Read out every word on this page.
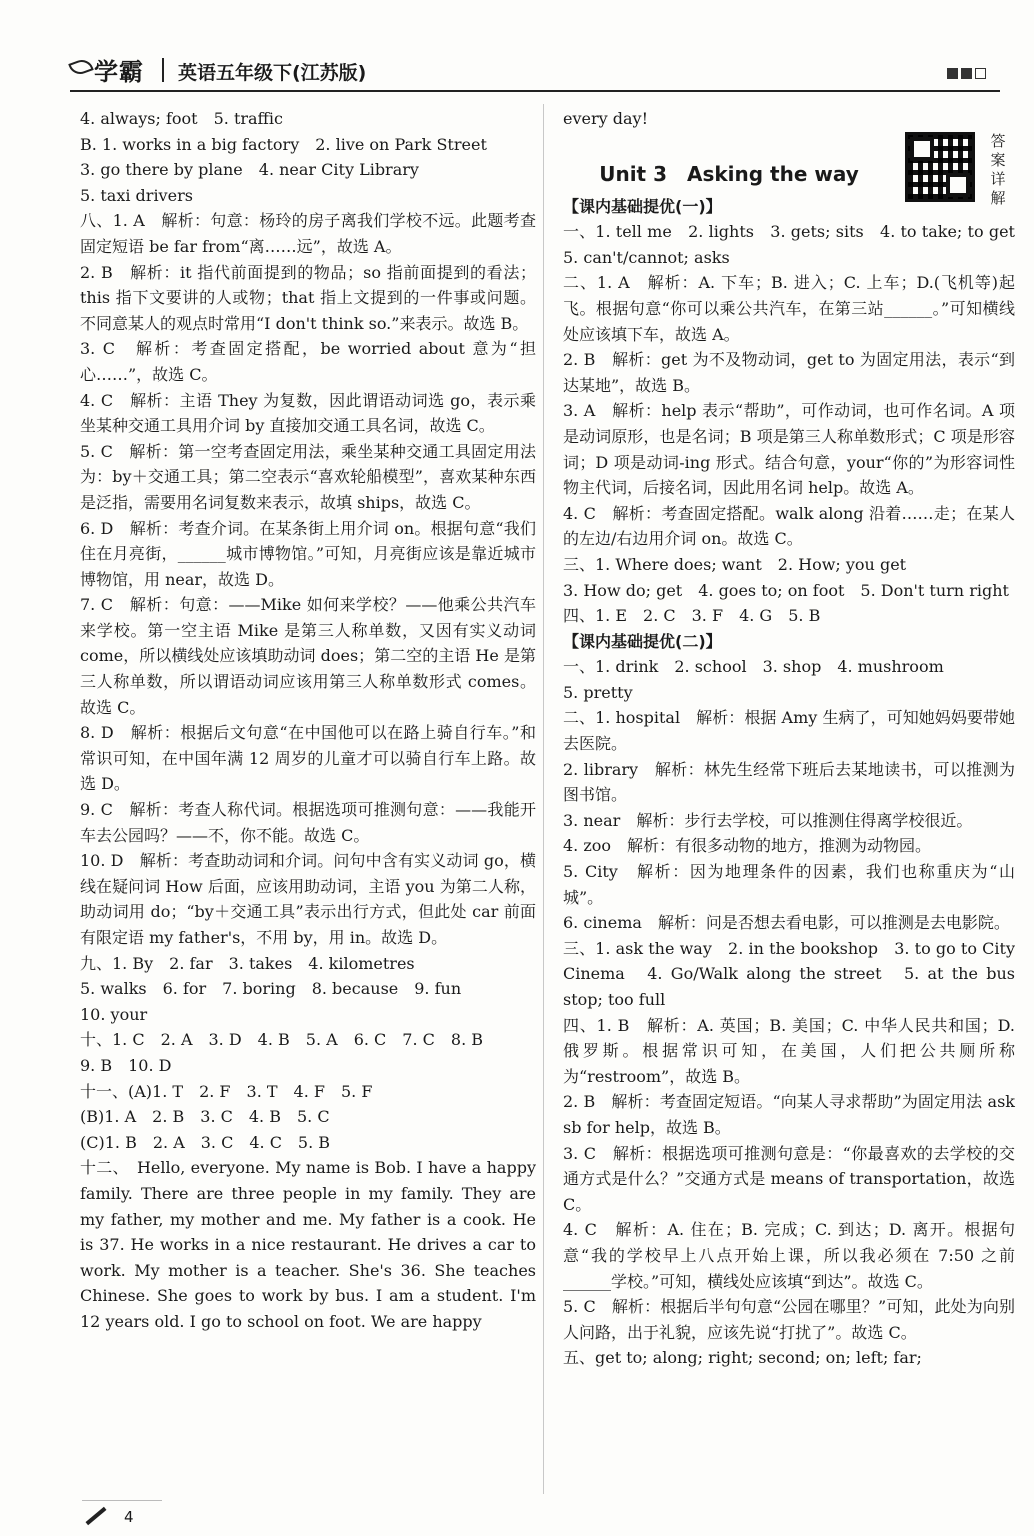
学霸 英语五年级下(江苏版)

4. always; foot　5. traffic

B. 1. works in a big factory　2. live on Park Street

3. go there by plane　4. near City Library

5. taxi drivers

八、1. A　解析：句意：杨玲的房子离我们学校不远。此题考查固定短语 be far from“离……远”，故选 A。

2. B　解析：it 指代前面提到的物品；so 指前面提到的看法；this 指下文要讲的人或物；that 指上文提到的一件事或问题。不同意某人的观点时常用“I don't think so.”来表示。故选 B。

3. C　解析：考查固定搭配，be worried about 意为“担心……”，故选 C。

4. C　解析：主语 They 为复数，因此谓语动词选 go，表示乘坐某种交通工具用介词 by 直接加交通工具名词，故选 C。

5. C　解析：第一空考查固定用法，乘坐某种交通工具固定用法为：by＋交通工具；第二空表示“喜欢轮船模型”，喜欢某种东西是泛指，需要用名词复数来表示，故填 ships，故选 C。

6. D　解析：考查介词。在某条街上用介词 on。根据句意“我们住在月亮街，______城市博物馆。”可知，月亮街应该是靠近城市博物馆，用 near，故选 D。

7. C　解析：句意：——Mike 如何来学校？——他乘公共汽车来学校。第一空主语 Mike 是第三人称单数，又因有实义动词 come，所以横线处应该填助动词 does；第二空的主语 He 是第三人称单数，所以谓语动词应该用第三人称单数形式 comes。故选 C。

8. D　解析：根据后文句意“在中国他可以在路上骑自行车。”和常识可知，在中国年满 12 周岁的儿童才可以骑自行车上路。故选 D。

9. C　解析：考查人称代词。根据选项可推测句意：——我能开车去公园吗？——不，你不能。故选 C。

10. D　解析：考查助动词和介词。问句中含有实义动词 go，横线在疑问词 How 后面，应该用助动词，主语 you 为第二人称，助动词用 do；“by＋交通工具”表示出行方式，但此处 car 前面有限定语 my father's，不用 by，用 in。故选 D。

九、1. By　2. far　3. takes　4. kilometres

5. walks　6. for　7. boring　8. because　9. fun

10. your

十、1. C　2. A　3. D　4. B　5. A　6. C　7. C　8. B

9. B　10. D

十一、(A)1. T　2. F　3. T　4. F　5. F

(B)1. A　2. B　3. C　4. B　5. C

(C)1. B　2. A　3. C　4. C　5. B

十二、　Hello, everyone. My name is Bob. I have a happy family. There are three people in my family. They are my father, my mother and me. My father is a cook. He is 37. He works in a nice restaurant. He drives a car to work. My mother is a teacher. She's 36. She teaches Chinese. She goes to work by bus. I am a student. I'm 12 years old. I go to school on foot. We are happy

every day!

Unit 3　Asking the way
答案详解

【课内基础提优(一)】

一、1. tell me　2. lights　3. gets; sits　4. to take; to get　5. can't/cannot; asks

二、1. A　解析：A. 下车；B. 进入；C. 上车；D.(飞机等)起飞。根据句意“你可以乘公共汽车，在第三站______。”可知横线处应该填下车，故选 A。

2. B　解析：get 为不及物动词，get to 为固定用法，表示“到达某地”，故选 B。

3. A　解析：help 表示“帮助”，可作动词，也可作名词。A 项是动词原形，也是名词；B 项是第三人称单数形式；C 项是形容词；D 项是动词-ing 形式。结合句意，your“你的”为形容词性物主代词，后接名词，因此用名词 help。故选 A。

4. C　解析：考查固定搭配。walk along 沿着……走；在某人的左边/右边用介词 on。故选 C。

三、1. Where does; want　2. How; you get

3. How do; get　4. goes to; on foot　5. Don't turn right

四、1. E　2. C　3. F　4. G　5. B

【课内基础提优(二)】

一、1. drink　2. school　3. shop　4. mushroom

5. pretty

二、1. hospital　解析：根据 Amy 生病了，可知她妈妈要带她去医院。

2. library　解析：林先生经常下班后去某地读书，可以推测为图书馆。

3. near　解析：步行去学校，可以推测住得离学校很近。

4. zoo　解析：有很多动物的地方，推测为动物园。

5. City　解析：因为地理条件的因素，我们也称重庆为“山城”。

6. cinema　解析：问是否想去看电影，可以推测是去电影院。

三、1. ask the way　2. in the bookshop　3. to go to City Cinema　4. Go/Walk along the street　5. at the bus stop; too full

四、1. B　解析：A. 英国；B. 美国；C. 中华人民共和国；D. 俄罗斯。根据常识可知，在美国，人们把公共厕所称为“restroom”，故选 B。

2. B　解析：考查固定短语。“向某人寻求帮助”为固定用法 ask sb for help，故选 B。

3. C　解析：根据选项可推测句意是：“你最喜欢的去学校的交通方式是什么？”交通方式是 means of transportation，故选 C。

4. C　解析：A. 住在；B. 完成；C. 到达；D. 离开。根据句意“我的学校早上八点开始上课，所以我必须在 7:50 之前______学校。”可知，横线处应该填“到达”。故选 C。

5. C　解析：根据后半句句意“公园在哪里？”可知，此处为向别人问路，出于礼貌，应该先说“打扰了”。故选 C。

五、get to; along; right; second; on; left; far;

4
